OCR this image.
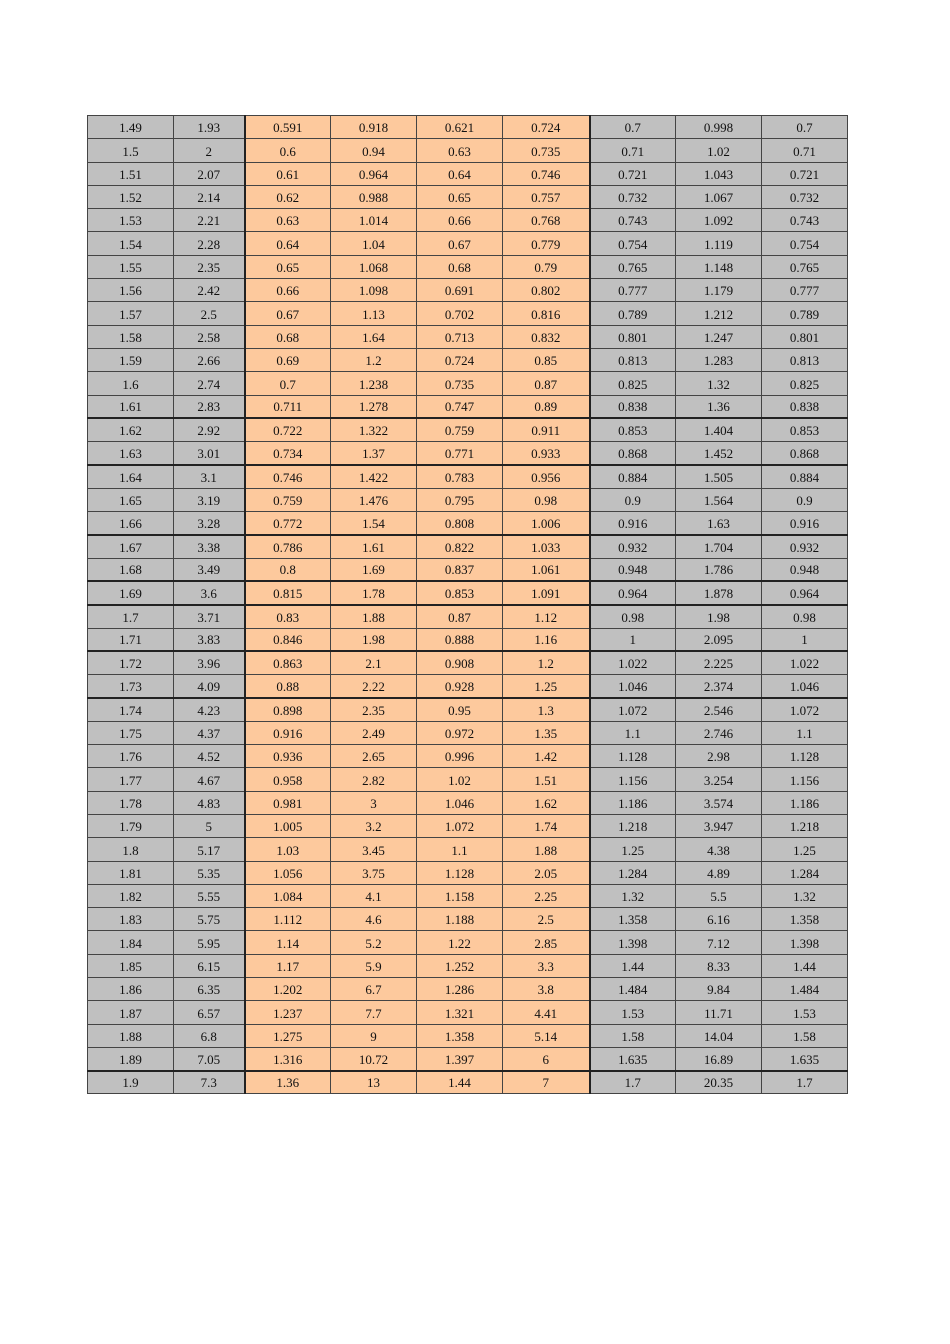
1.49	1.93	0.591	0.918	0.621	0.724	0.7	0.998	0.7
1.5	2	0.6	0.94	0.63	0.735	0.71	1.02	0.71
1.51	2.07	0.61	0.964	0.64	0.746	0.721	1.043	0.721
1.52	2.14	0.62	0.988	0.65	0.757	0.732	1.067	0.732
1.53	2.21	0.63	1.014	0.66	0.768	0.743	1.092	0.743
1.54	2.28	0.64	1.04	0.67	0.779	0.754	1.119	0.754
1.55	2.35	0.65	1.068	0.68	0.79	0.765	1.148	0.765
1.56	2.42	0.66	1.098	0.691	0.802	0.777	1.179	0.777
1.57	2.5	0.67	1.13	0.702	0.816	0.789	1.212	0.789
1.58	2.58	0.68	1.64	0.713	0.832	0.801	1.247	0.801
1.59	2.66	0.69	1.2	0.724	0.85	0.813	1.283	0.813
1.6	2.74	0.7	1.238	0.735	0.87	0.825	1.32	0.825
1.61	2.83	0.711	1.278	0.747	0.89	0.838	1.36	0.838
1.62	2.92	0.722	1.322	0.759	0.911	0.853	1.404	0.853
1.63	3.01	0.734	1.37	0.771	0.933	0.868	1.452	0.868
1.64	3.1	0.746	1.422	0.783	0.956	0.884	1.505	0.884
1.65	3.19	0.759	1.476	0.795	0.98	0.9	1.564	0.9
1.66	3.28	0.772	1.54	0.808	1.006	0.916	1.63	0.916
1.67	3.38	0.786	1.61	0.822	1.033	0.932	1.704	0.932
1.68	3.49	0.8	1.69	0.837	1.061	0.948	1.786	0.948
1.69	3.6	0.815	1.78	0.853	1.091	0.964	1.878	0.964
1.7	3.71	0.83	1.88	0.87	1.12	0.98	1.98	0.98
1.71	3.83	0.846	1.98	0.888	1.16	1	2.095	1
1.72	3.96	0.863	2.1	0.908	1.2	1.022	2.225	1.022
1.73	4.09	0.88	2.22	0.928	1.25	1.046	2.374	1.046
1.74	4.23	0.898	2.35	0.95	1.3	1.072	2.546	1.072
1.75	4.37	0.916	2.49	0.972	1.35	1.1	2.746	1.1
1.76	4.52	0.936	2.65	0.996	1.42	1.128	2.98	1.128
1.77	4.67	0.958	2.82	1.02	1.51	1.156	3.254	1.156
1.78	4.83	0.981	3	1.046	1.62	1.186	3.574	1.186
1.79	5	1.005	3.2	1.072	1.74	1.218	3.947	1.218
1.8	5.17	1.03	3.45	1.1	1.88	1.25	4.38	1.25
1.81	5.35	1.056	3.75	1.128	2.05	1.284	4.89	1.284
1.82	5.55	1.084	4.1	1.158	2.25	1.32	5.5	1.32
1.83	5.75	1.112	4.6	1.188	2.5	1.358	6.16	1.358
1.84	5.95	1.14	5.2	1.22	2.85	1.398	7.12	1.398
1.85	6.15	1.17	5.9	1.252	3.3	1.44	8.33	1.44
1.86	6.35	1.202	6.7	1.286	3.8	1.484	9.84	1.484
1.87	6.57	1.237	7.7	1.321	4.41	1.53	11.71	1.53
1.88	6.8	1.275	9	1.358	5.14	1.58	14.04	1.58
1.89	7.05	1.316	10.72	1.397	6	1.635	16.89	1.635
1.9	7.3	1.36	13	1.44	7	1.7	20.35	1.7
